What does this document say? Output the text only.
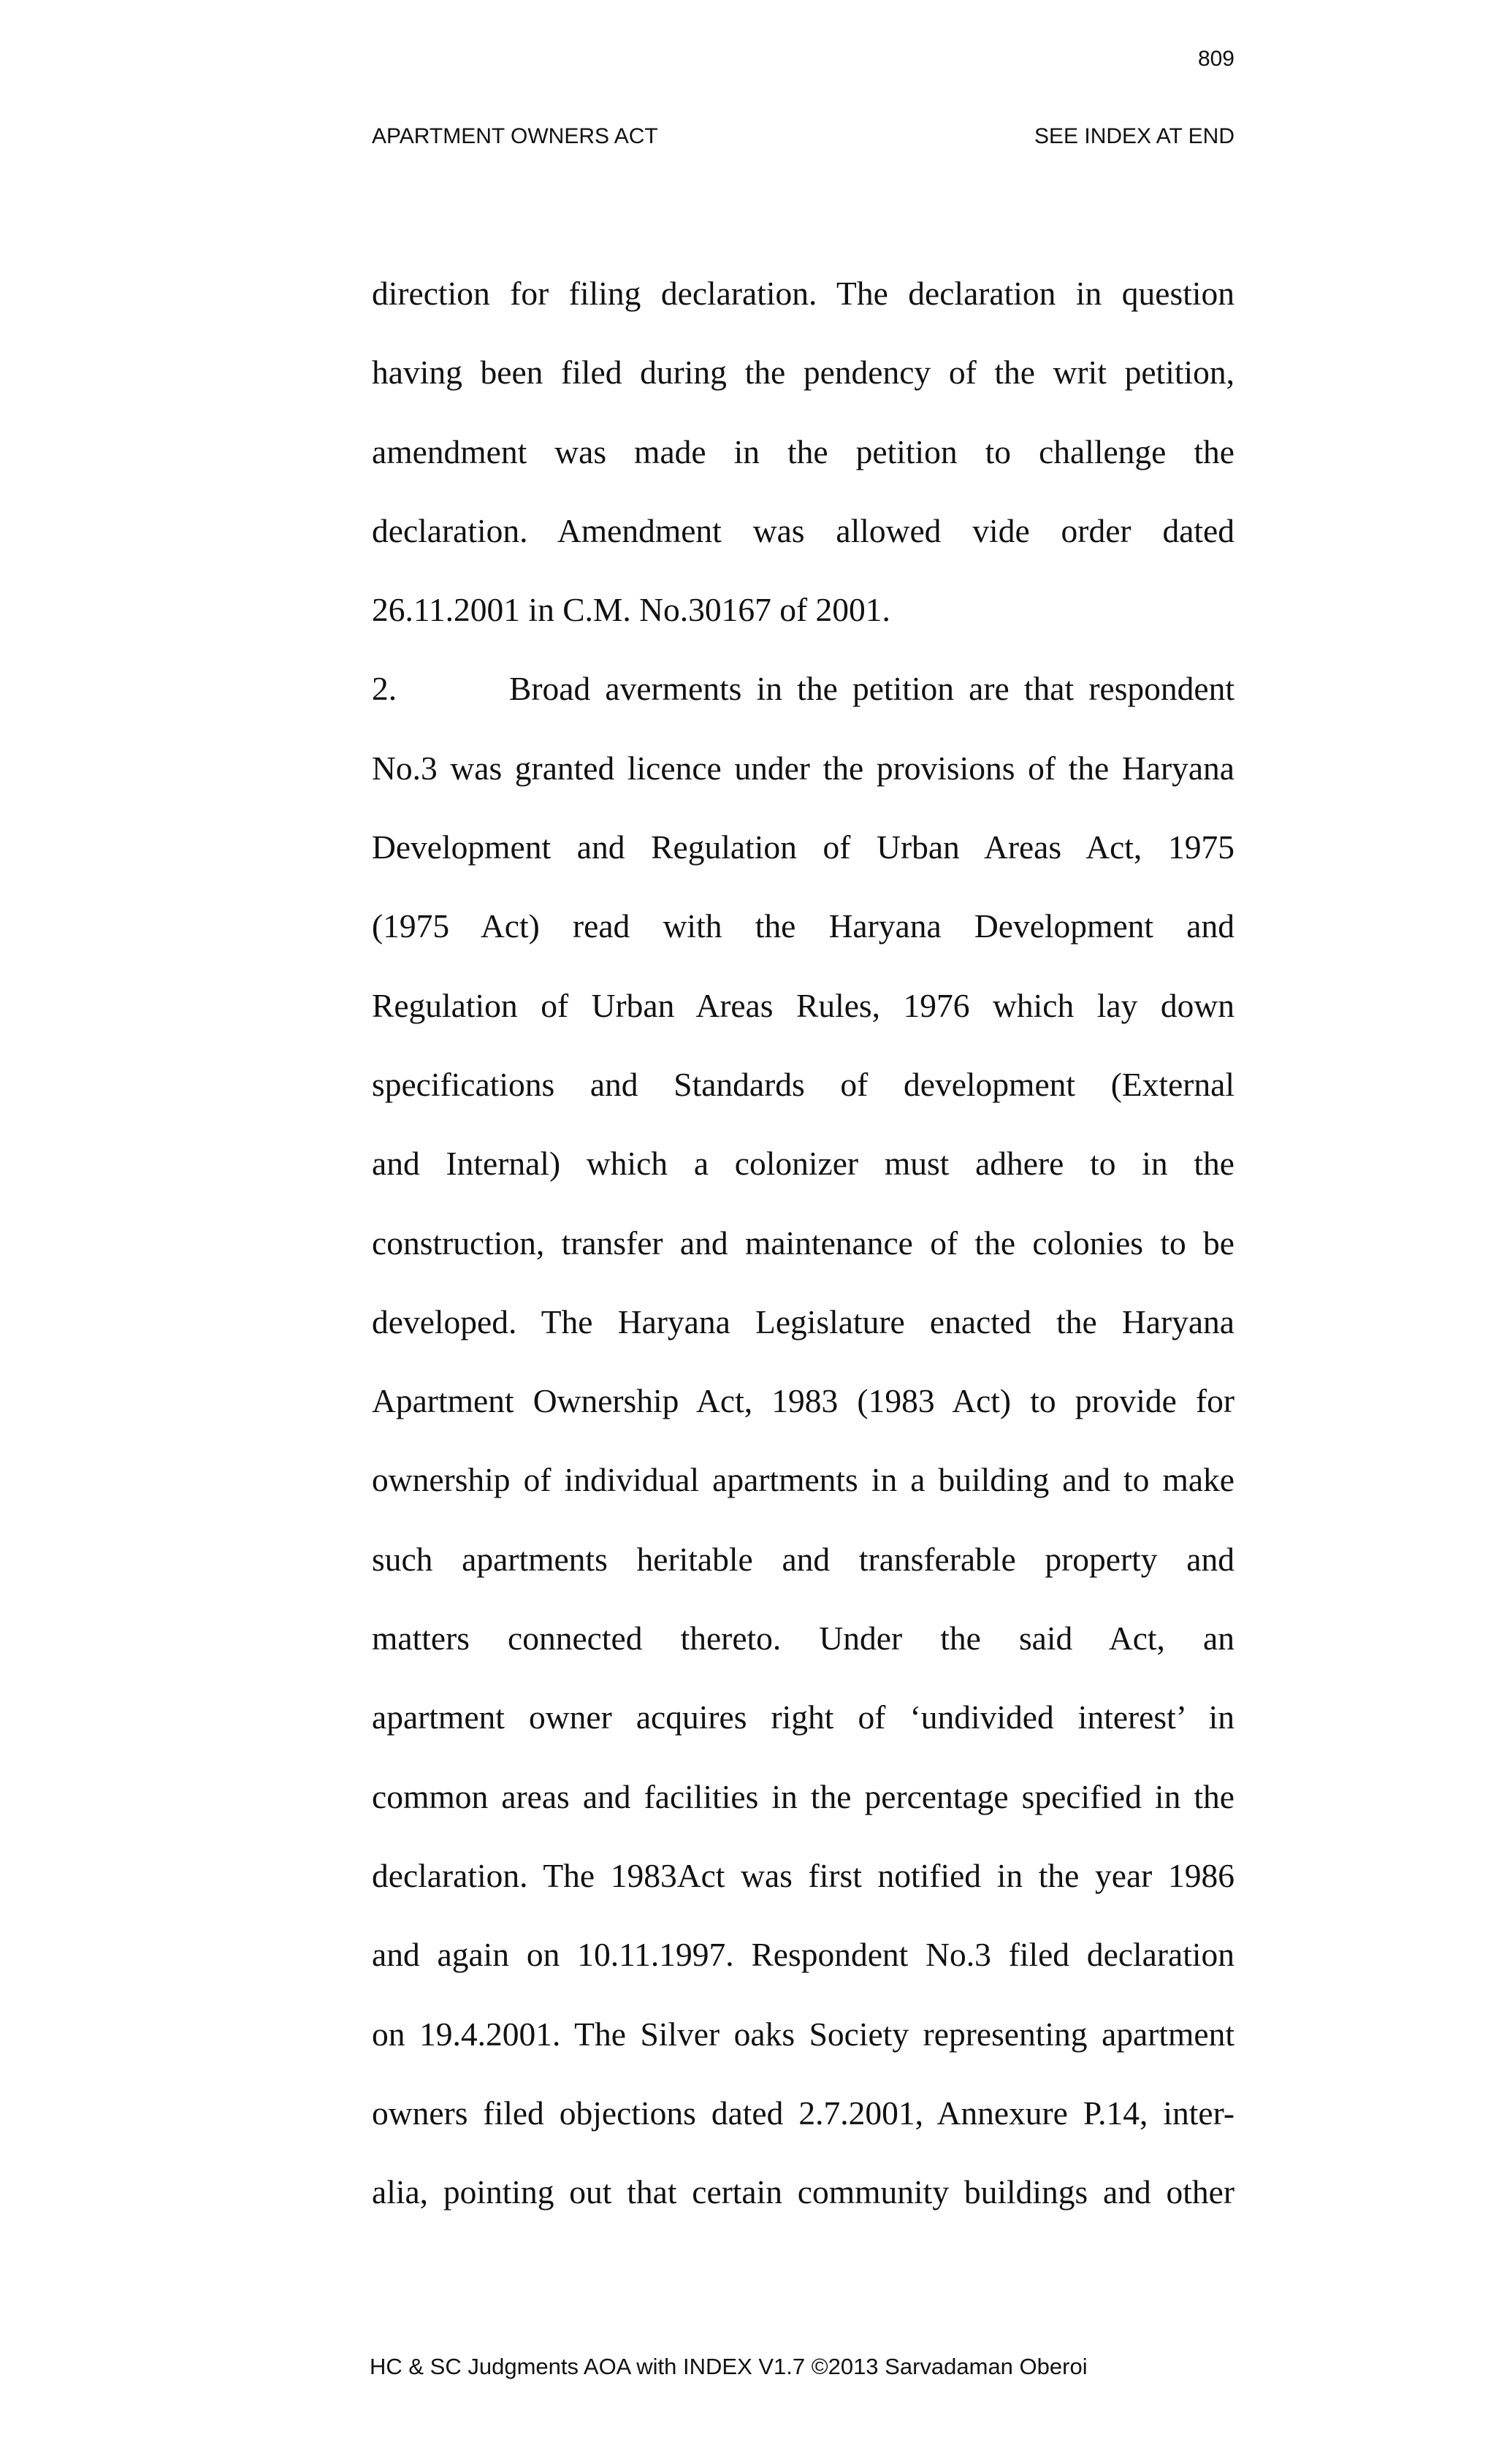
809
APARTMENT OWNERS ACT	SEE INDEX AT END
direction for filing declaration. The declaration in question
having been filed during the pendency of the writ petition,
amendment was made in the petition to challenge the
declaration. Amendment was allowed vide order dated
26.11.2001 in C.M. No.30167 of 2001.
2.	Broad averments in the petition are that respondent
No.3 was granted licence under the provisions of the Haryana
Development and Regulation of Urban Areas Act, 1975
(1975 Act) read with the Haryana Development and
Regulation of Urban Areas Rules, 1976 which lay down
specifications and Standards of development (External
and Internal) which a colonizer must adhere to in the
construction, transfer and maintenance of the colonies to be
developed. The Haryana Legislature enacted the Haryana
Apartment Ownership Act, 1983 (1983 Act) to provide for
ownership of individual apartments in a building and to make
such apartments heritable and transferable property and
matters connected thereto. Under the said Act, an
apartment owner acquires right of ‘undivided interest’ in
common areas and facilities in the percentage specified in the
declaration. The 1983Act was first notified in the year 1986
and again on 10.11.1997. Respondent No.3 filed declaration
on 19.4.2001. The Silver oaks Society representing apartment
owners filed objections dated 2.7.2001, Annexure P.14, inter-
alia, pointing out that certain community buildings and other
HC & SC Judgments AOA with INDEX V1.7 ©2013 Sarvadaman Oberoi
